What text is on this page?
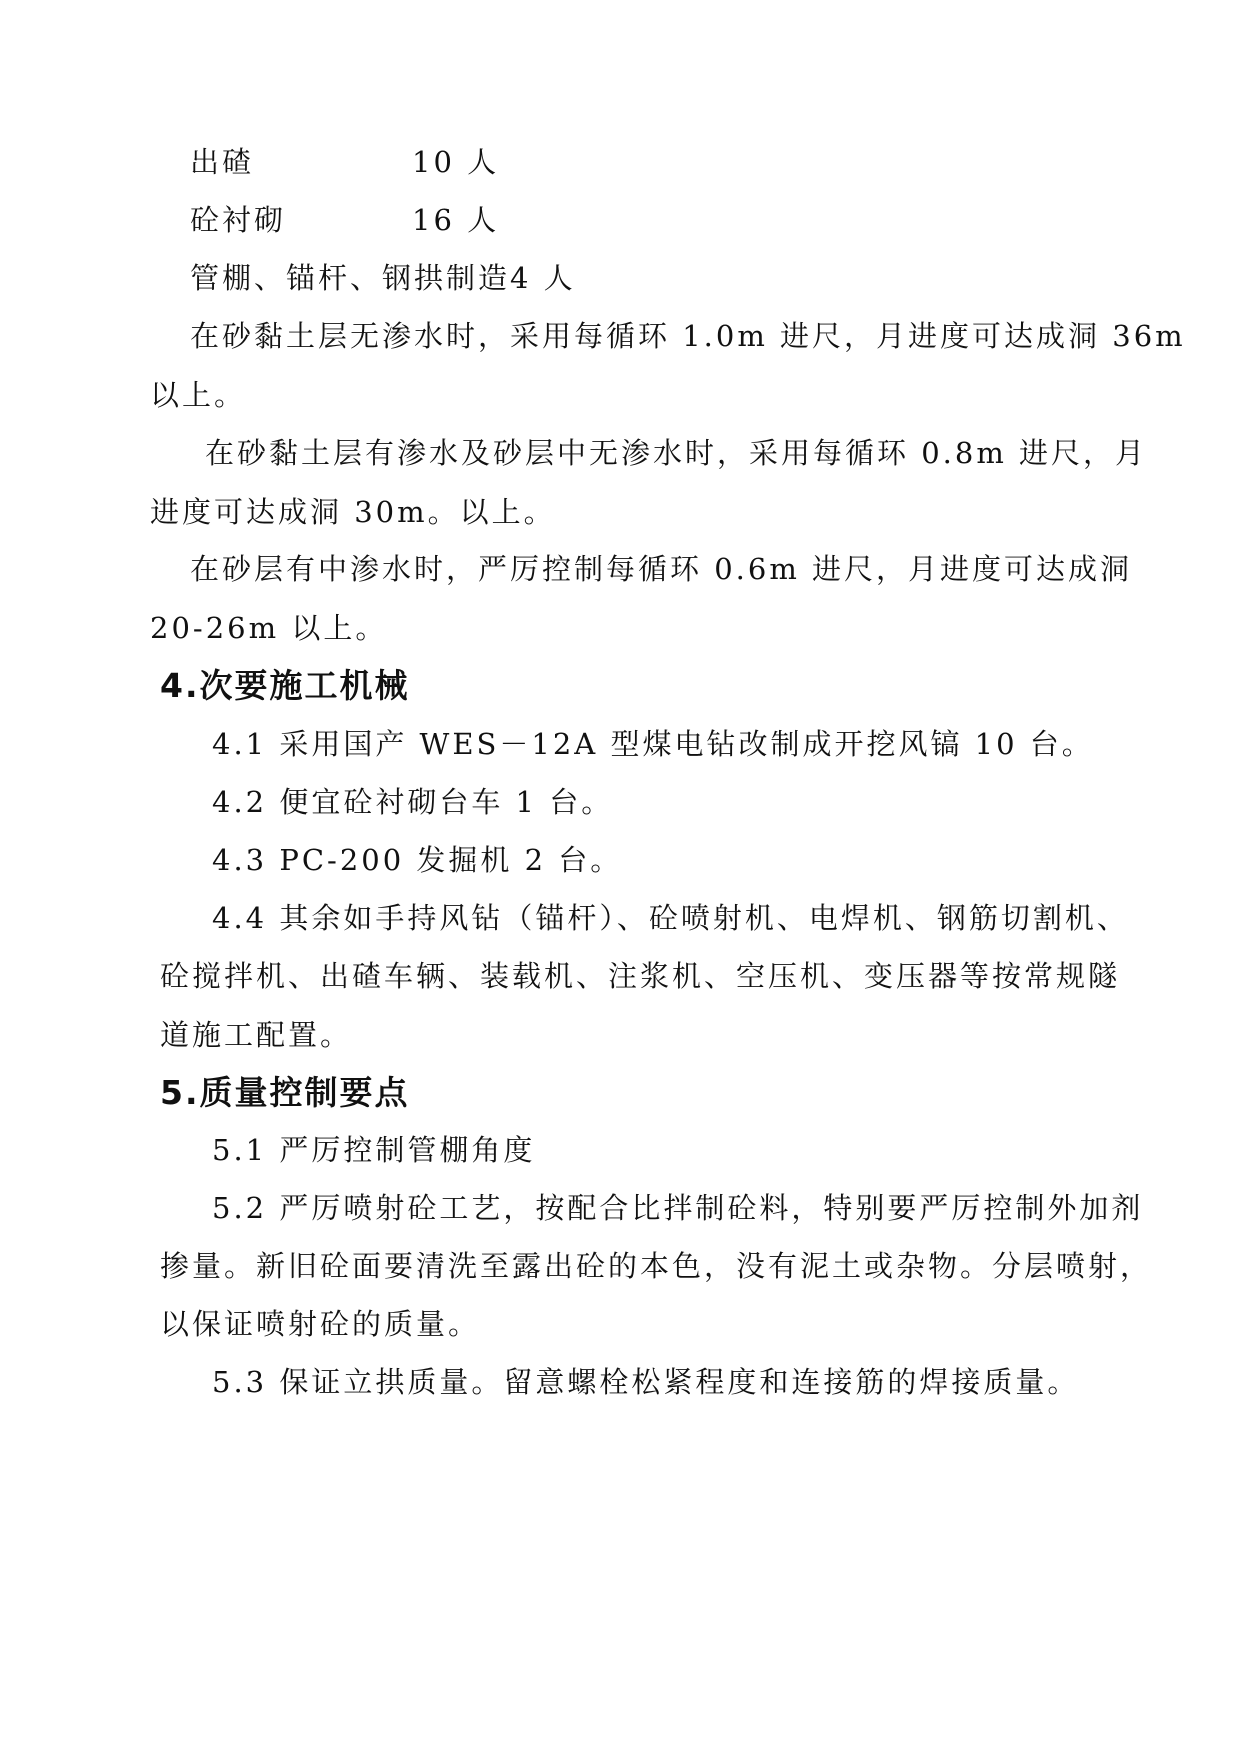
出碴	10 人
砼衬砌	16 人
管棚、锚杆、钢拱制造 4 人
在砂黏土层无渗水时，采用每循环 1.0m 进尺，月进度可达成洞 36m
以上。
在砂黏土层有渗水及砂层中无渗水时，采用每循环 0.8m 进尺，月
进度可达成洞 30m。以上。
在砂层有中渗水时，严厉控制每循环 0.6m 进尺，月进度可达成洞
20-26m 以上。
4.次要施工机械
4.1 采用国产 WES－12A 型煤电钻改制成开挖风镐 10 台。
4.2 便宜砼衬砌台车 1 台。
4.3 PC-200 发掘机 2 台。
4.4 其余如手持风钻（锚杆）、砼喷射机、电焊机、钢筋切割机、
砼搅拌机、出碴车辆、装载机、注浆机、空压机、变压器等按常规隧
道施工配置。
5.质量控制要点
5.1 严厉控制管棚角度
5.2 严厉喷射砼工艺，按配合比拌制砼料，特别要严厉控制外加剂
掺量。新旧砼面要清洗至露出砼的本色，没有泥土或杂物。分层喷射，
以保证喷射砼的质量。
5.3 保证立拱质量。留意螺栓松紧程度和连接筋的焊接质量。
